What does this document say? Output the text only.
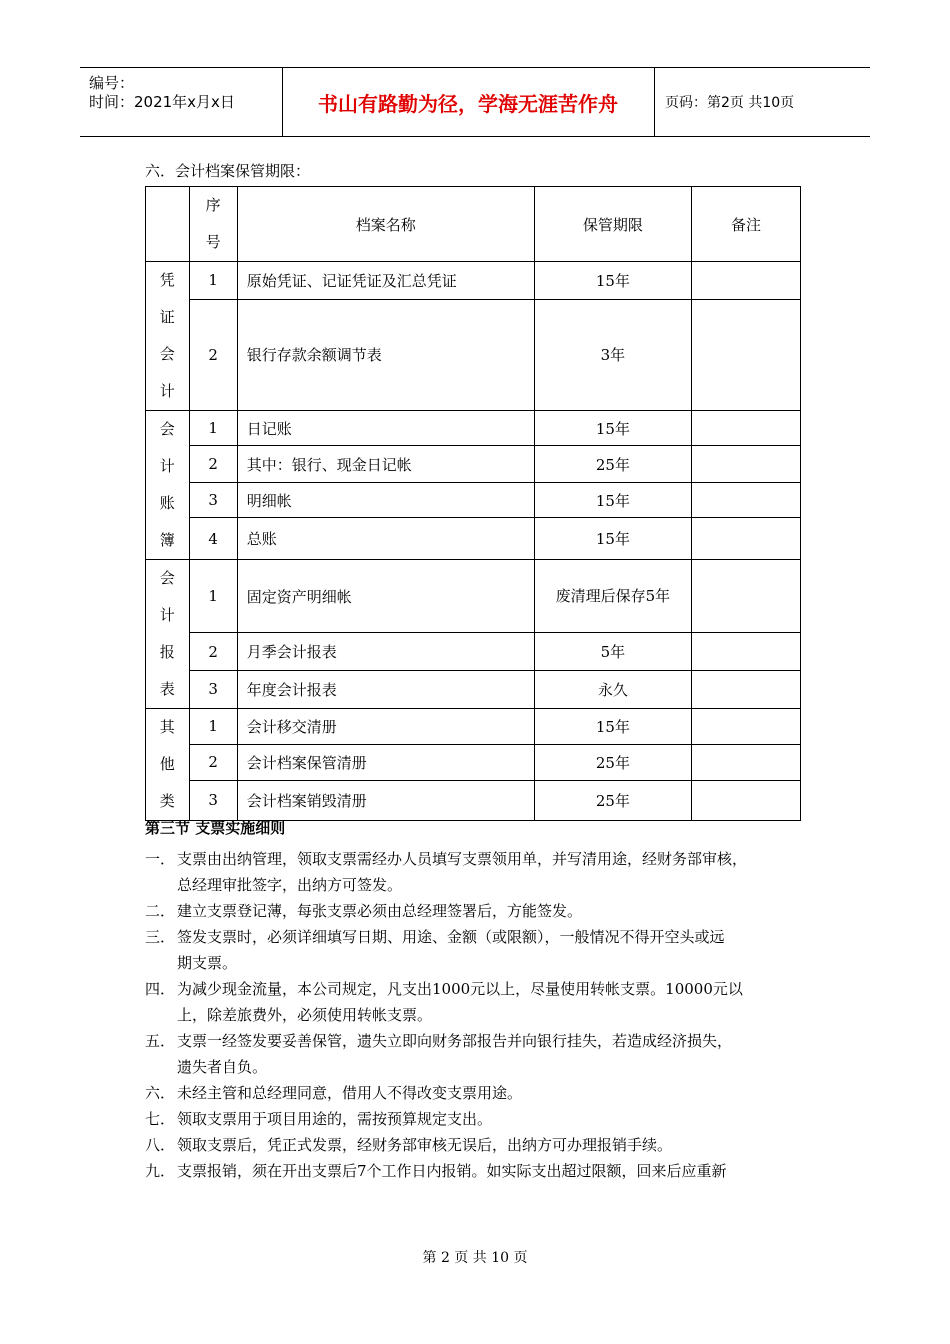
编号：
时间：2021年x月x日	书山有路勤为径，学海无涯苦作舟	页码：第2页 共10页
六．会计档案保管期限：

	序
号	档案名称	保管期限	备注

凭
证
会
计	1	原始凭证、记证凭证及汇总凭证	15年	
	2	银行存款余额调节表	3年	

会
计
账
簿	1	日记账	15年	
	2	其中：银行、现金日记帐	25年	
	3	明细帐	15年	
	4	总账	15年	

会
计
报
表	1	固定资产明细帐	废清理后保存5年	
	2	月季会计报表	5年	
	3	年度会计报表	永久	

其
他
类	1	会计移交清册	15年	
	2	会计档案保管清册	25年	
	3	会计档案销毁清册	25年	
第三节 支票实施细则
一． 支票由出纳管理，领取支票需经办人员填写支票领用单，并写清用途，经财务部审核，
总经理审批签字，出纳方可签发。
二． 建立支票登记薄，每张支票必须由总经理签署后，方能签发。
三． 签发支票时，必须详细填写日期、用途、金额（或限额），一般情况不得开空头或远
期支票。
四． 为减少现金流量，本公司规定，凡支出1000元以上，尽量使用转帐支票。10000元以
上，除差旅费外，必须使用转帐支票。
五． 支票一经签发要妥善保管，遗失立即向财务部报告并向银行挂失，若造成经济损失，
遗失者自负。
六． 未经主管和总经理同意，借用人不得改变支票用途。
七． 领取支票用于项目用途的，需按预算规定支出。
八． 领取支票后，凭正式发票，经财务部审核无误后，出纳方可办理报销手续。
九． 支票报销，须在开出支票后7个工作日内报销。如实际支出超过限额，回来后应重新
第 2 页 共 10 页
